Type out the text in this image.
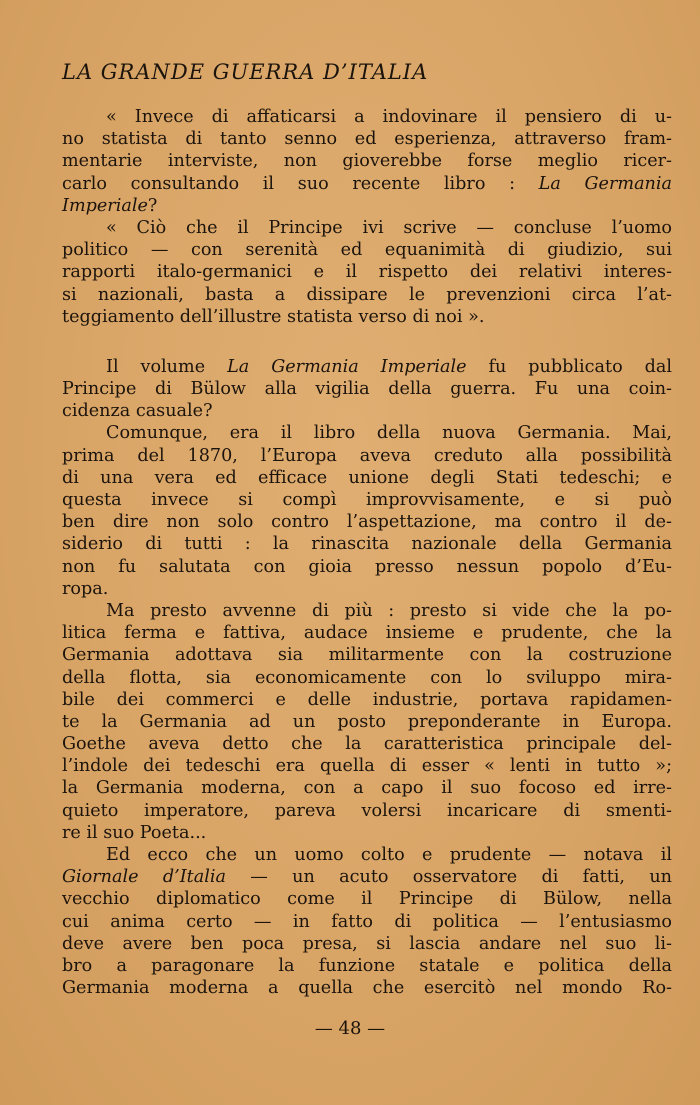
LA GRANDE GUERRA D’ITALIA
« Invece di affaticarsi a indovinare il pensiero di u-
no statista di tanto senno ed esperienza, attraverso fram-
mentarie interviste, non gioverebbe forse meglio ricer-
carlo consultando il suo recente libro : La Germania
Imperiale?
« Ciò che il Principe ivi scrive — concluse l’uomo
politico — con serenità ed equanimità di giudizio, sui
rapporti italo-germanici e il rispetto dei relativi interes-
si nazionali, basta a dissipare le prevenzioni circa l’at-
teggiamento dell’illustre statista verso di noi ».
Il volume La Germania Imperiale fu pubblicato dal
Principe di Bülow alla vigilia della guerra. Fu una coin-
cidenza casuale?
Comunque, era il libro della nuova Germania. Mai,
prima del 1870, l’Europa aveva creduto alla possibilità
di una vera ed efficace unione degli Stati tedeschi; e
questa invece si compì improvvisamente, e si può
ben dire non solo contro l’aspettazione, ma contro il de-
siderio di tutti : la rinascita nazionale della Germania
non fu salutata con gioia presso nessun popolo d’Eu-
ropa.
Ma presto avvenne di più : presto si vide che la po-
litica ferma e fattiva, audace insieme e prudente, che la
Germania adottava sia militarmente con la costruzione
della flotta, sia economicamente con lo sviluppo mira-
bile dei commerci e delle industrie, portava rapidamen-
te la Germania ad un posto preponderante in Europa.
Goethe aveva detto che la caratteristica principale del-
l’indole dei tedeschi era quella di esser « lenti in tutto »;
la Germania moderna, con a capo il suo focoso ed irre-
quieto imperatore, pareva volersi incaricare di smenti-
re il suo Poeta...
Ed ecco che un uomo colto e prudente — notava il
Giornale d’Italia — un acuto osservatore di fatti, un
vecchio diplomatico come il Principe di Bülow, nella
cui anima certo — in fatto di politica — l’entusiasmo
deve avere ben poca presa, si lascia andare nel suo li-
bro a paragonare la funzione statale e politica della
Germania moderna a quella che esercitò nel mondo Ro-
— 48 —
